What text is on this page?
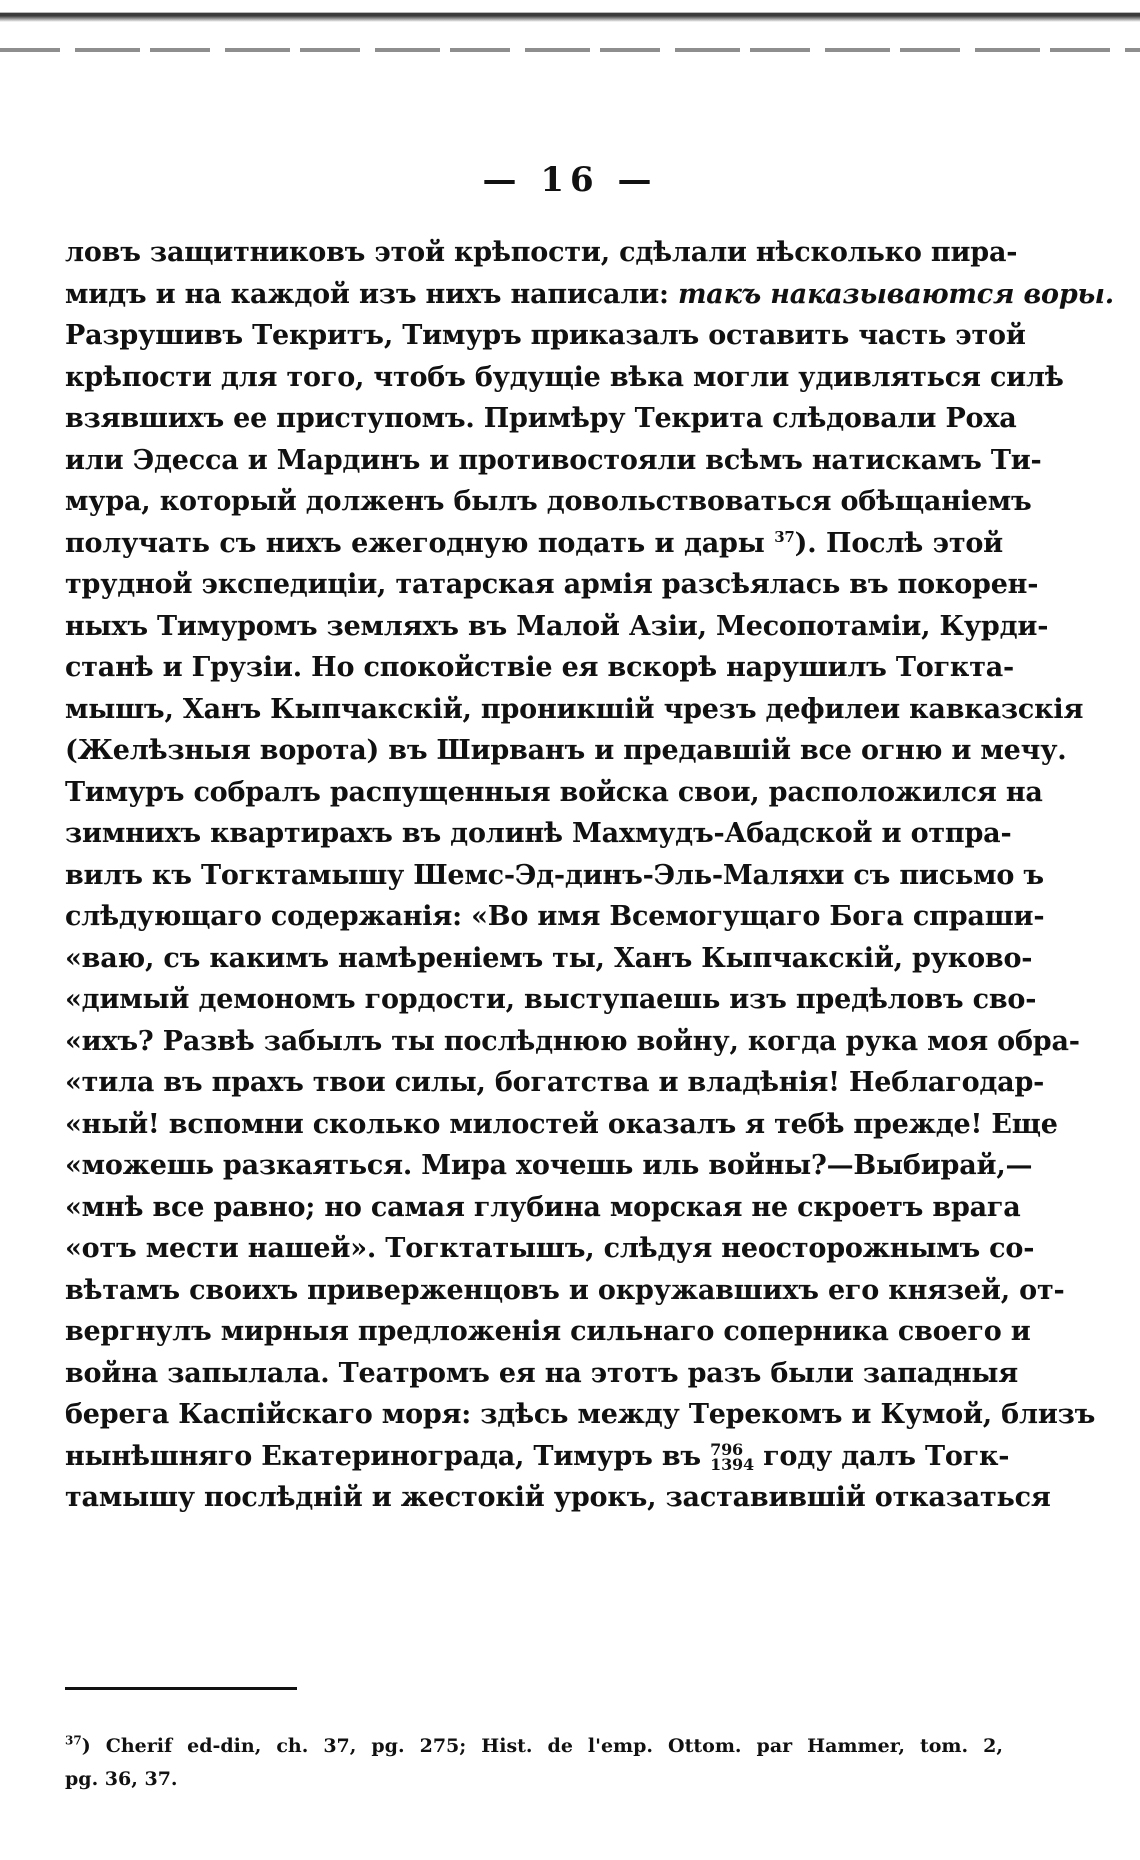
— 16 —
ловъ защитниковъ этой крѣпости, сдѣлали нѣсколько пира-
мидъ и на каждой изъ нихъ написали: такъ наказываются воры.
Разрушивъ Текритъ, Тимуръ приказалъ оставить часть этой
крѣпости для того, чтобъ будущіе вѣка могли удивляться силѣ
взявшихъ ее приступомъ. Примѣру Текрита слѣдовали Роха
или Эдесса и Мардинъ и противостояли всѣмъ натискамъ Ти-
мура, который долженъ былъ довольствоваться обѣщаніемъ
получать съ нихъ ежегодную подать и дары $^{37}$). Послѣ этой
трудной экспедиціи, татарская армія разсѣялась въ покорен-
ныхъ Тимуромъ земляхъ въ Малой Азіи, Месопотаміи, Курди-
станѣ и Грузіи. Но спокойствіе ея вскорѣ нарушилъ Тогкта-
мышъ, Ханъ Кыпчакскій, проникшій чрезъ дефилеи кавказскія
(Желѣзныя ворота) въ Ширванъ и предавшій все огню и мечу.
Тимуръ собралъ распущенныя войска свои, расположился на
зимнихъ квартирахъ въ долинѣ Махмудъ-Абадской и отпра-
вилъ къ Тогктамышу Шемс-Эд-динъ-Эль-Маляхи съ письмо ъ
слѣдующаго содержанія: «Во имя Всемогущаго Бога спраши-
«ваю, съ какимъ намѣреніемъ ты, Ханъ Кыпчакскій, руково-
«димый демономъ гордости, выступаешь изъ предѣловъ сво-
«ихъ? Развѣ забылъ ты послѣднюю войну, когда рука моя обра-
«тила въ прахъ твои силы, богатства и владѣнія! Неблагодар-
«ный! вспомни сколько милостей оказалъ я тебѣ прежде! Еще
«можешь разкаяться. Мира хочешь иль войны?—Выбирай,—
«мнѣ все равно; но самая глубина морская не скроетъ врага
«отъ мести нашей». Тогктатышъ, слѣдуя неосторожнымъ со-
вѣтамъ своихъ приверженцовъ и окружавшихъ его князей, от-
вергнулъ мирныя предложенія сильнаго соперника своего и
война запылала. Театромъ ея на этотъ разъ были западныя
берега Каспійскаго моря: здѣсь между Терекомъ и Кумой, близъ
нынѣшняго Екатеринограда, Тимуръ въ 796
1394 году далъ Тогк-
тамышу послѣдній и жестокій урокъ, заставившій отказаться
$^{37}$) Cherif ed-din, ch. 37, pg. 275; Hist. de l'emp. Ottom. par Hammer, tom. 2,
pg. 36, 37.
